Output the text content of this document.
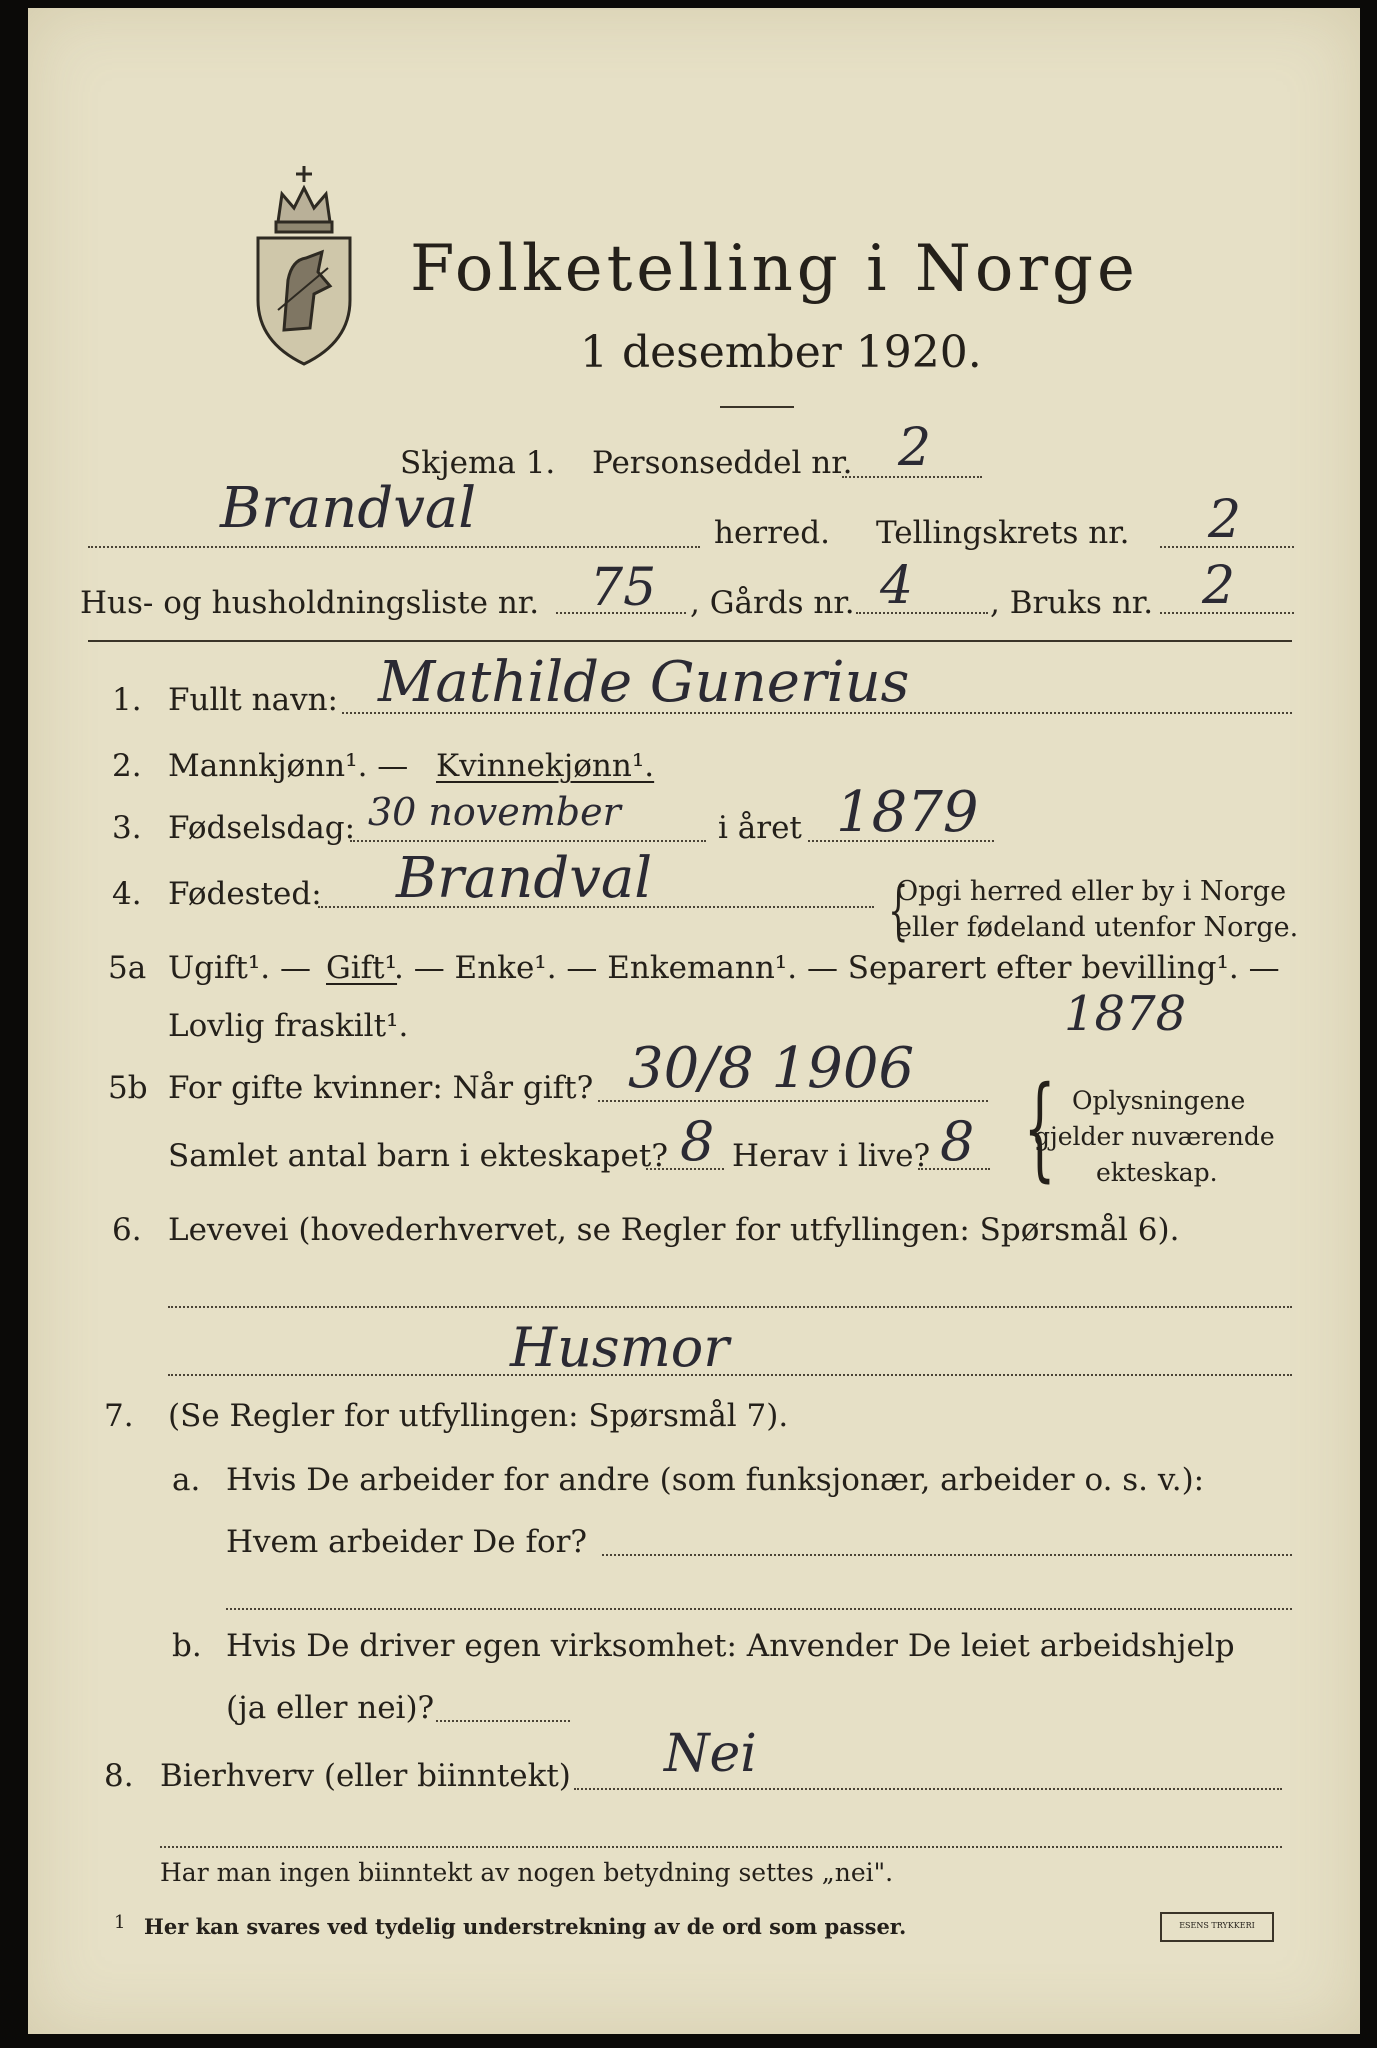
Folketelling i Norge
1 desember 1920.
Skjema 1. Personseddel nr. 2
Brandval	herred. Tellingskrets nr. 2
Hus- og husholdningsliste nr. 75 , Gårds nr. 4 , Bruks nr. 2
1. Fullt navn: Mathilde Gunerius
2. Mannkjønn¹. — Kvinnekjønn¹.
3. Fødselsdag: 30 november	i året 1879
4. Fødested: Brandval	{
Opgi herred eller by i Norge
eller fødeland utenfor Norge.
5a Ugift¹. — Gift¹
. — Enke¹. — Enkemann¹. — Separert efter bevilling¹. —
Lovlig fraskilt¹.	1878
5b For gifte kvinner: Når gift? 30/8 1906
Samlet antal barn i ekteskapet? 8 Herav i live? 8 { Oplysningene
gjelder nuværende
ekteskap.
6. Levevei (hovederhvervet, se Regler for utfyllingen: Spørsmål 6).
Husmor
7. (Se Regler for utfyllingen: Spørsmål 7).
a. Hvis De arbeider for andre (som funksjonær, arbeider o. s. v.):
Hvem arbeider De for?
b. Hvis De driver egen virksomhet: Anvender De leiet arbeidshjelp
(ja eller nei)?
8. Bierhverv (eller biinntekt) Nei
Har man ingen biinntekt av nogen betydning settes „nei".
1 Her kan svares ved tydelig understrekning av de ord som passer.	ESENS TRYKKERI
